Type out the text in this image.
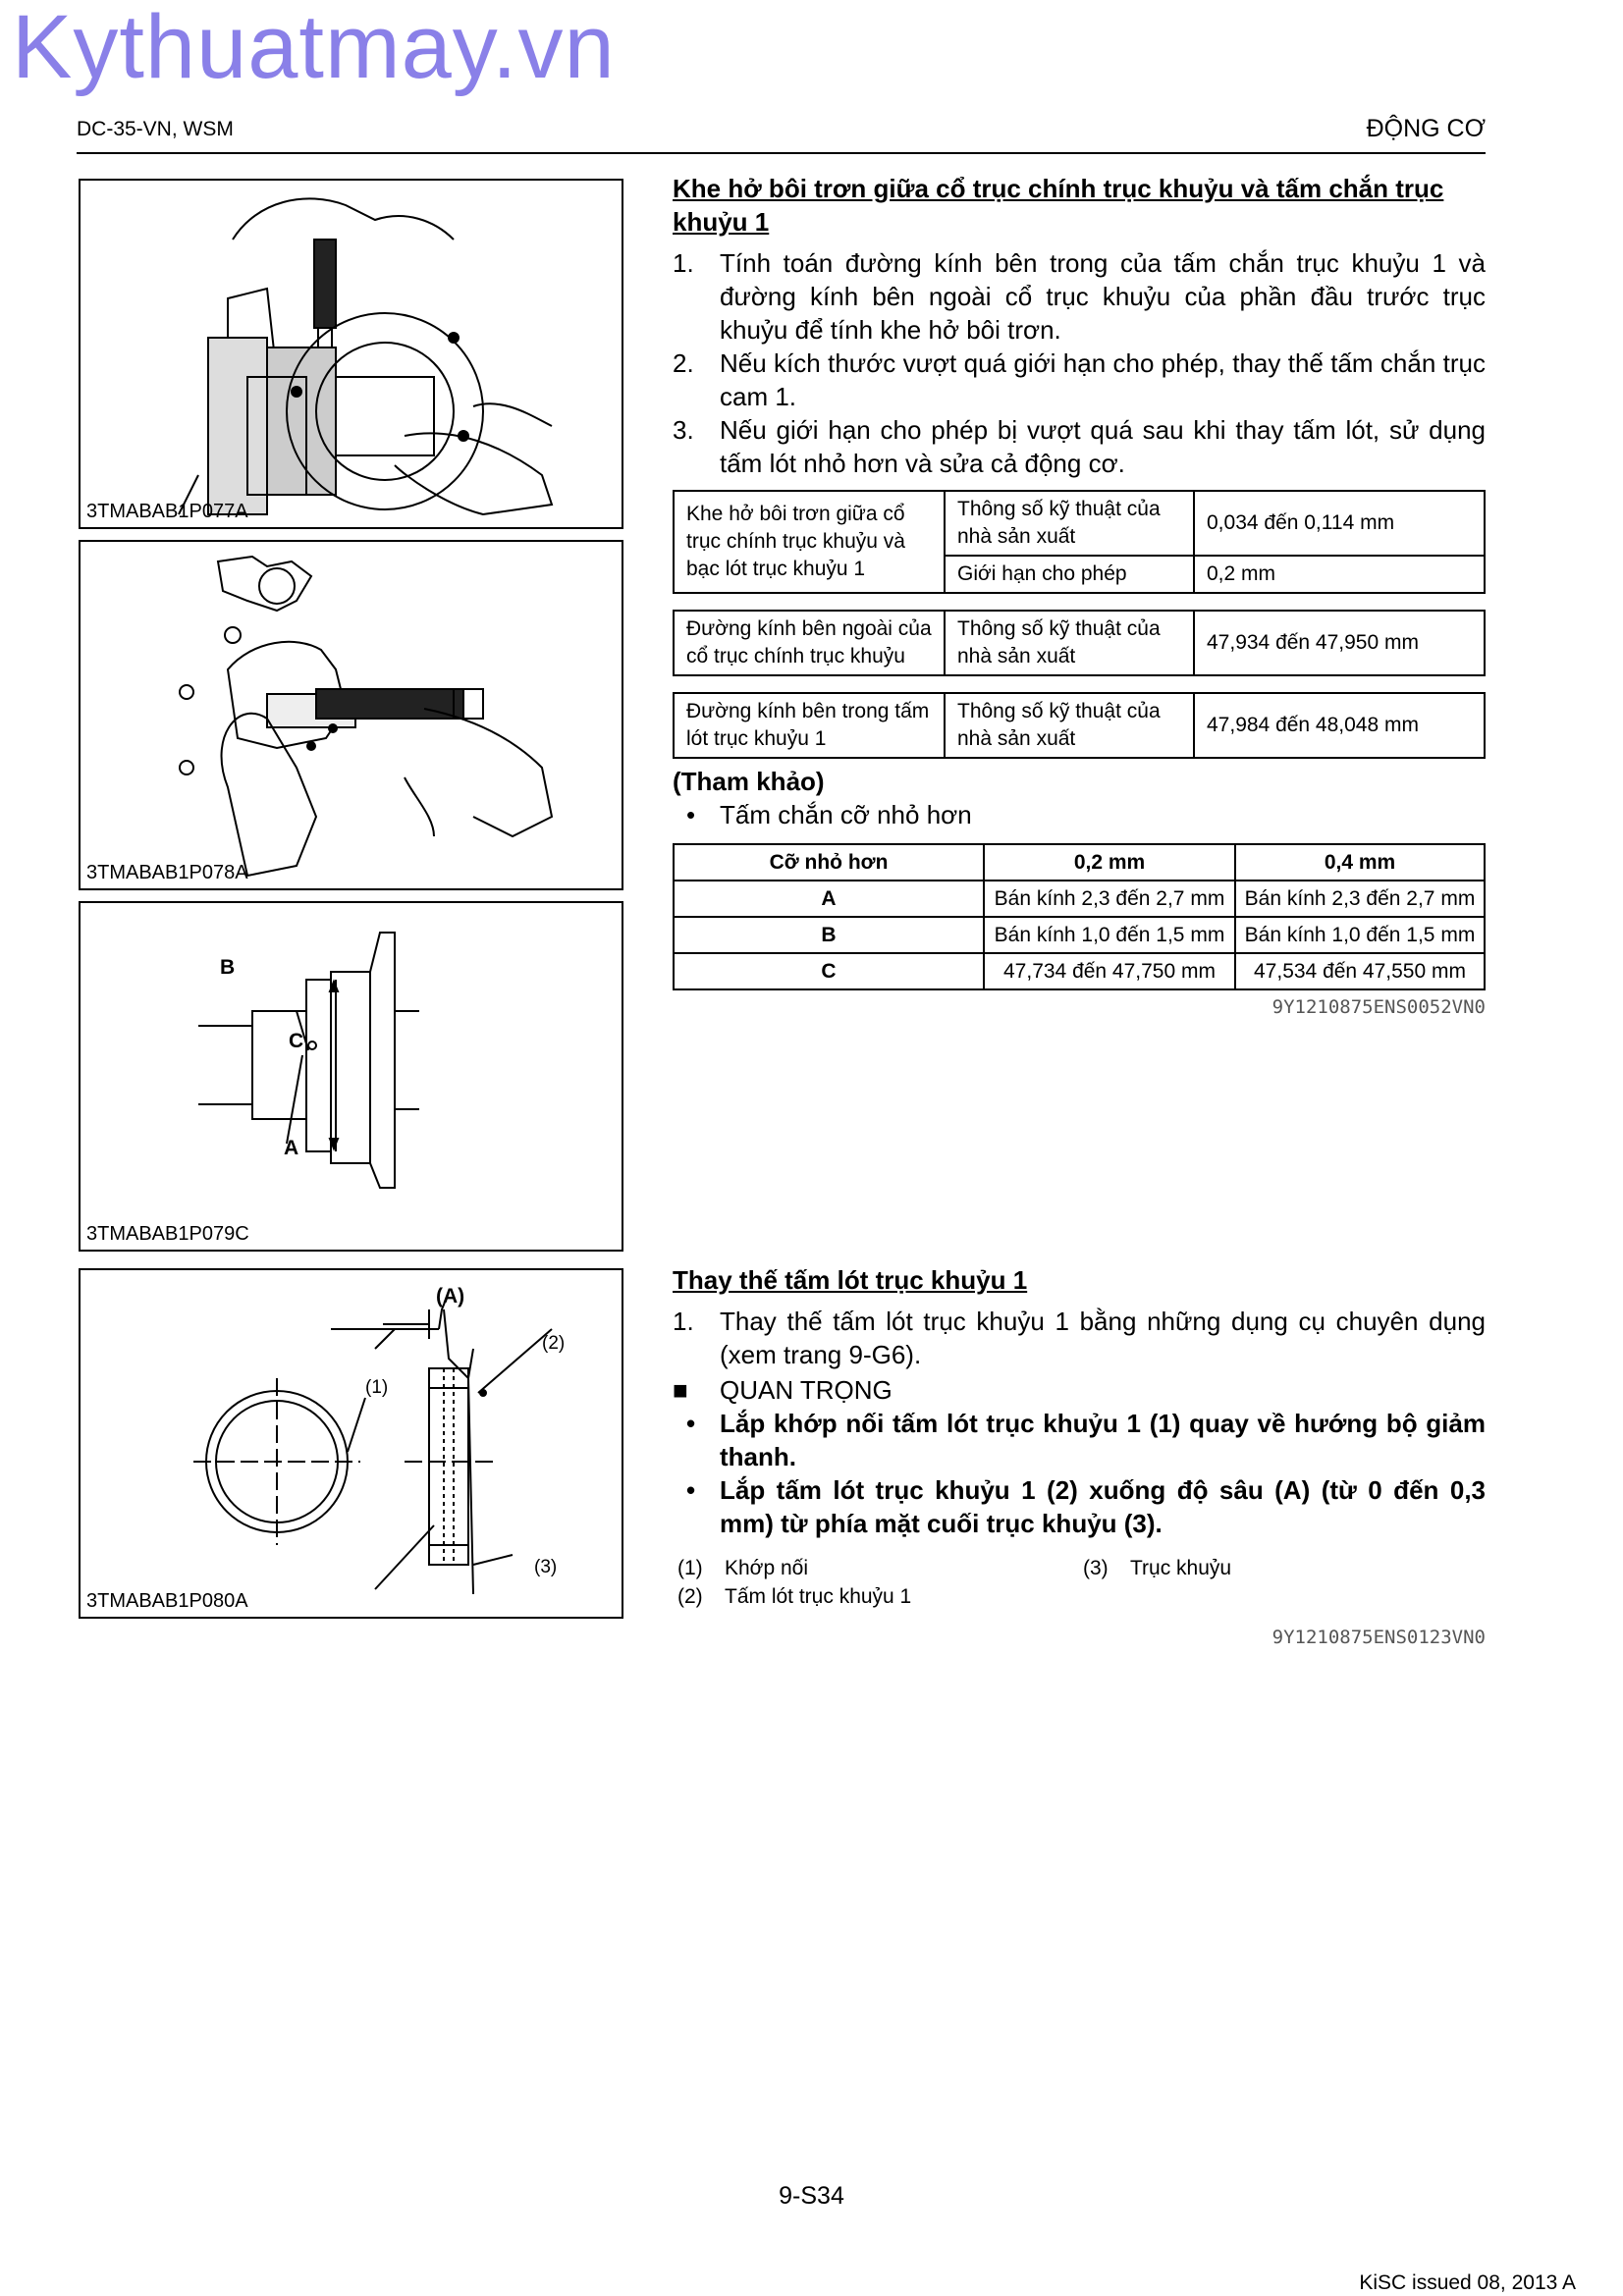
Kythuatmay.vn
DC-35-VN, WSM	ĐỘNG CƠ
3TMABAB1P077A
3TMABAB1P078A
B
C
A
3TMABAB1P079C
(A)
(1)
(2)
(3)
3TMABAB1P080A
Khe hở bôi trơn giữa cổ trục chính trục khuỷu và tấm chắn trục
khuỷu 1
1. Tính toán đường kính bên trong của tấm chắn trục khuỷu 1 và đường kính bên ngoài cổ trục khuỷu của phần đầu trước trục khuỷu để tính khe hở bôi trơn.
2. Nếu kích thước vượt quá giới hạn cho phép, thay thế tấm chắn trục cam 1.
3. Nếu giới hạn cho phép bị vượt quá sau khi thay tấm lót, sử dụng tấm lót nhỏ hơn và sửa cả động cơ.
Khe hở bôi trơn giữa cổ trục chính trục khuỷu và bạc lót trục khuỷu 1	Thông số kỹ thuật của nhà sản xuất	0,034 đến 0,114 mm
	Giới hạn cho phép	0,2 mm
Đường kính bên ngoài của cổ trục chính trục khuỷu	Thông số kỹ thuật của nhà sản xuất	47,934 đến 47,950 mm
Đường kính bên trong tấm lót trục khuỷu 1	Thông số kỹ thuật của nhà sản xuất	47,984 đến 48,048 mm
(Tham khảo)
• Tấm chắn cỡ nhỏ hơn
Cỡ nhỏ hơn	0,2 mm	0,4 mm
A	Bán kính 2,3 đến 2,7 mm	Bán kính 2,3 đến 2,7 mm
B	Bán kính 1,0 đến 1,5 mm	Bán kính 1,0 đến 1,5 mm
C	47,734 đến 47,750 mm	47,534 đến 47,550 mm
9Y1210875ENS0052VN0
Thay thế tấm lót trục khuỷu 1
1. Thay thế tấm lót trục khuỷu 1 bằng những dụng cụ chuyên dụng (xem trang 9-G6).
■ QUAN TRỌNG
• Lắp khớp nối tấm lót trục khuỷu 1 (1) quay về hướng bộ giảm thanh.
• Lắp tấm lót trục khuỷu 1 (2) xuống độ sâu (A) (từ 0 đến 0,3 mm) từ phía mặt cuối trục khuỷu (3).
(1) Khớp nối
(2) Tấm lót trục khuỷu 1
(3) Trục khuỷu
9Y1210875ENS0123VN0
9-S34
KiSC issued 08, 2013 A
